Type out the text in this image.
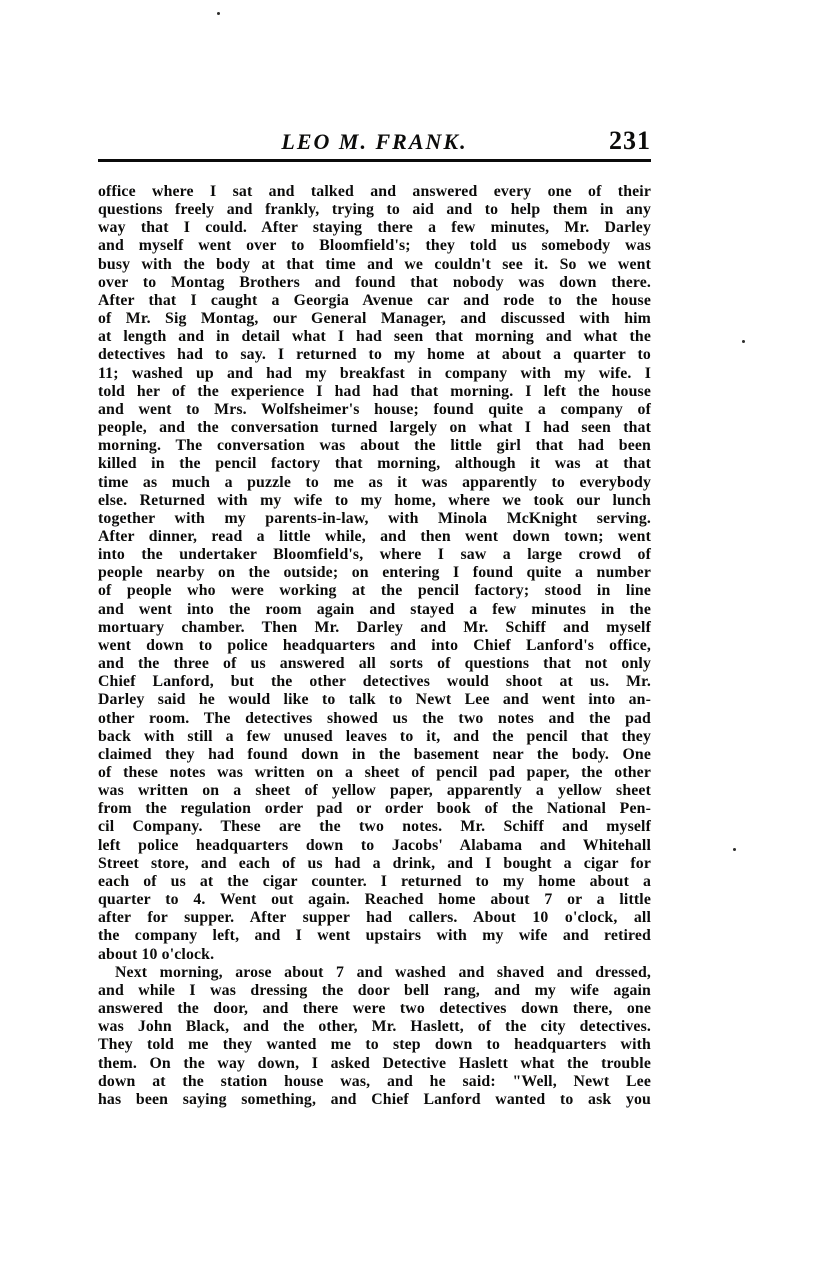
LEO M. FRANK.	231
office where I sat and talked and answered every one of their
questions freely and frankly, trying to aid and to help them in any
way that I could. After staying there a few minutes, Mr. Darley
and myself went over to Bloomfield's; they told us somebody was
busy with the body at that time and we couldn't see it. So we went
over to Montag Brothers and found that nobody was down there.
After that I caught a Georgia Avenue car and rode to the house
of Mr. Sig Montag, our General Manager, and discussed with him
at length and in detail what I had seen that morning and what the
detectives had to say. I returned to my home at about a quarter to
11; washed up and had my breakfast in company with my wife. I
told her of the experience I had had that morning. I left the house
and went to Mrs. Wolfsheimer's house; found quite a company of
people, and the conversation turned largely on what I had seen that
morning. The conversation was about the little girl that had been
killed in the pencil factory that morning, although it was at that
time as much a puzzle to me as it was apparently to everybody
else. Returned with my wife to my home, where we took our lunch
together with my parents-in-law, with Minola McKnight serving.
After dinner, read a little while, and then went down town; went
into the undertaker Bloomfield's, where I saw a large crowd of
people nearby on the outside; on entering I found quite a number
of people who were working at the pencil factory; stood in line
and went into the room again and stayed a few minutes in the
mortuary chamber. Then Mr. Darley and Mr. Schiff and myself
went down to police headquarters and into Chief Lanford's office,
and the three of us answered all sorts of questions that not only
Chief Lanford, but the other detectives would shoot at us. Mr.
Darley said he would like to talk to Newt Lee and went into an-
other room. The detectives showed us the two notes and the pad
back with still a few unused leaves to it, and the pencil that they
claimed they had found down in the basement near the body. One
of these notes was written on a sheet of pencil pad paper, the other
was written on a sheet of yellow paper, apparently a yellow sheet
from the regulation order pad or order book of the National Pen-
cil Company. These are the two notes. Mr. Schiff and myself
left police headquarters down to Jacobs' Alabama and Whitehall
Street store, and each of us had a drink, and I bought a cigar for
each of us at the cigar counter. I returned to my home about a
quarter to 4. Went out again. Reached home about 7 or a little
after for supper. After supper had callers. About 10 o'clock, all
the company left, and I went upstairs with my wife and retired
about 10 o'clock.
Next morning, arose about 7 and washed and shaved and dressed,
and while I was dressing the door bell rang, and my wife again
answered the door, and there were two detectives down there, one
was John Black, and the other, Mr. Haslett, of the city detectives.
They told me they wanted me to step down to headquarters with
them. On the way down, I asked Detective Haslett what the trouble
down at the station house was, and he said: "Well, Newt Lee
has been saying something, and Chief Lanford wanted to ask you
